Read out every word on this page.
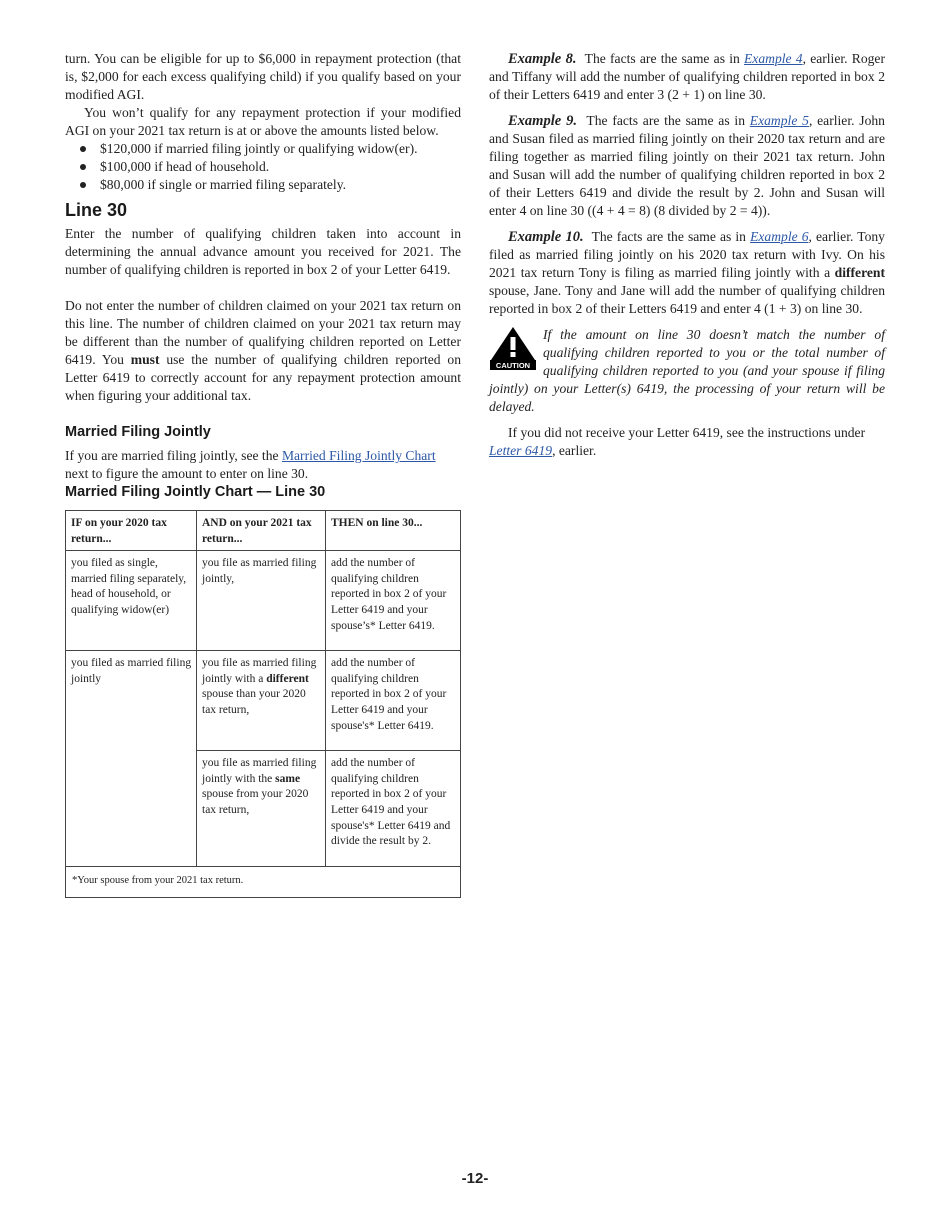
turn. You can be eligible for up to $6,000 in repayment protection (that is, $2,000 for each excess qualifying child) if you qualify based on your modified AGI.

You won’t qualify for any repayment protection if your modified AGI on your 2021 tax return is at or above the amounts listed below.

$120,000 if married filing jointly or qualifying widow(er).
$100,000 if head of household.
$80,000 if single or married filing separately.
Line 30

Enter the number of qualifying children taken into account in determining the annual advance amount you received for 2021. The number of qualifying children is reported in box 2 of your Letter 6419.

Do not enter the number of children claimed on your 2021 tax return on this line. The number of children claimed on your 2021 tax return may be different than the number of qualifying children reported on Letter 6419. You must use the number of qualifying children reported on Letter 6419 to correctly account for any repayment protection amount when figuring your additional tax.

Married Filing Jointly

If you are married filing jointly, see the Married Filing Jointly Chart next to figure the amount to enter on line 30.

Married Filing Jointly Chart — Line 30
IF on your 2020 tax return...	AND on your 2021 tax return...	THEN on line 30...
you filed as single, married filing separately, head of household, or qualifying widow(er)	you file as married filing jointly,	add the number of qualifying children reported in box 2 of your Letter 6419 and your spouse’s* Letter 6419.
you filed as married filing jointly	you file as married filing jointly with a different spouse than your 2020 tax return,	add the number of qualifying children reported in box 2 of your Letter 6419 and your spouse's* Letter 6419.
	you file as married filing jointly with the same spouse from your 2020 tax return,	add the number of qualifying children reported in box 2 of your Letter 6419 and your spouse's* Letter 6419 and divide the result by 2.
*Your spouse from your 2021 tax return.		

Example 8. The facts are the same as in Example 4, earlier. Roger and Tiffany will add the number of qualifying children reported in box 2 of their Letters 6419 and enter 3 (2 + 1) on line 30.

Example 9. The facts are the same as in Example 5, earlier. John and Susan filed as married filing jointly on their 2020 tax return and are filing together as married filing jointly on their 2021 tax return. John and Susan will add the number of qualifying children reported in box 2 of their Letters 6419 and divide the result by 2. John and Susan will enter 4 on line 30 ((4 + 4 = 8) (8 divided by 2 = 4)).

Example 10. The facts are the same as in Example 6, earlier. Tony filed as married filing jointly on his 2020 tax return with Ivy. On his 2021 tax return Tony is filing as married filing jointly with a different spouse, Jane. Tony and Jane will add the number of qualifying children reported in box 2 of their Letters 6419 and enter 4 (1 + 3) on line 30.

CAUTION

If the amount on line 30 doesn’t match the number of qualifying children reported to you or the total number of qualifying children reported to you (and your spouse if filing jointly) on your Letter(s) 6419, the processing of your return will be delayed.

If you did not receive your Letter 6419, see the instructions under Letter 6419, earlier.

-12-
